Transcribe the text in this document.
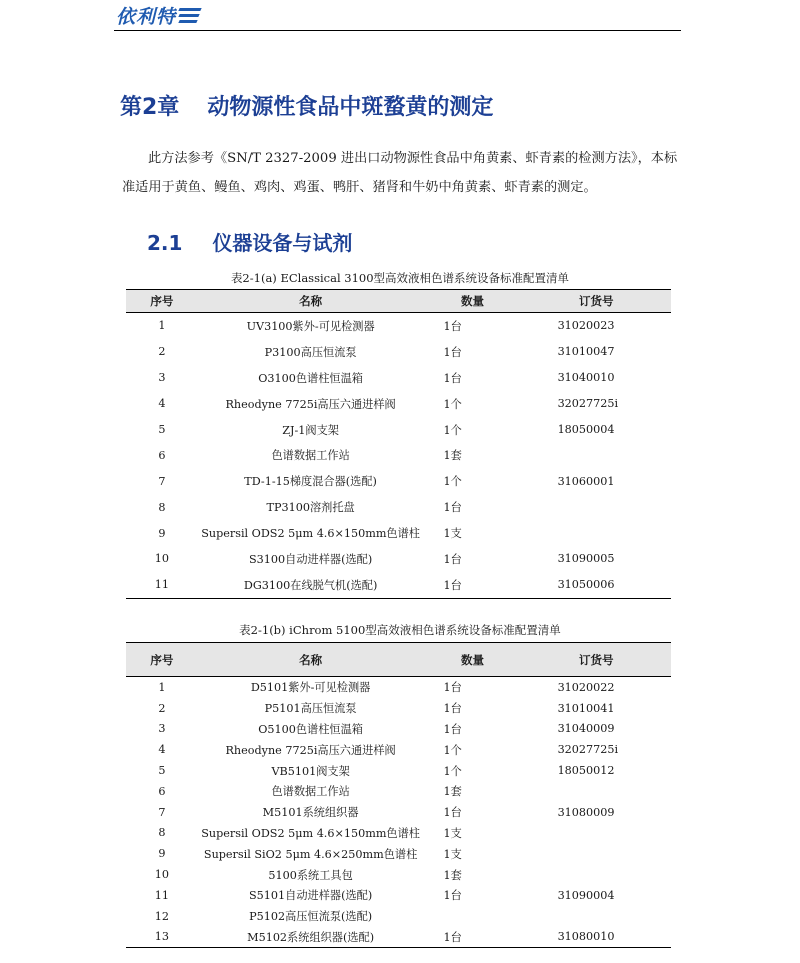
依利特
第2章 动物源性食品中斑蝥黄的测定
此方法参考《SN/T 2327-2009 进出口动物源性食品中角黄素、虾青素的检测方法》，本标准适用于黄鱼、鳗鱼、鸡肉、鸡蛋、鸭肝、猪肾和牛奶中角黄素、虾青素的测定。
2.1 仪器设备与试剂
表2-1(a) EClassical 3100型高效液相色谱系统设备标准配置清单
序号	名称	数量	订货号
1	UV3100紫外-可见检测器	1台	31020023
2	P3100高压恒流泵	1台	31010047
3	O3100色谱柱恒温箱	1台	31040010
4	Rheodyne 7725i高压六通进样阀	1个	32027725i
5	ZJ-1阀支架	1个	18050004
6	色谱数据工作站	1套	
7	TD-1-15梯度混合器(选配)	1个	31060001
8	TP3100溶剂托盘	1台	
9	Supersil ODS2 5μm 4.6×150mm色谱柱	1支	
10	S3100自动进样器(选配)	1台	31090005
11	DG3100在线脱气机(选配)	1台	31050006
表2-1(b) iChrom 5100型高效液相色谱系统设备标准配置清单
序号	名称	数量	订货号
1	D5101紫外-可见检测器	1台	31020022
2	P5101高压恒流泵	1台	31010041
3	O5100色谱柱恒温箱	1台	31040009
4	Rheodyne 7725i高压六通进样阀	1个	32027725i
5	VB5101阀支架	1个	18050012
6	色谱数据工作站	1套	
7	M5101系统组织器	1台	31080009
8	Supersil ODS2 5μm 4.6×150mm色谱柱	1支	
9	Supersil SiO2 5μm 4.6×250mm色谱柱	1支	
10	5100系统工具包	1套	
11	S5101自动进样器(选配)	1台	31090004
12	P5102高压恒流泵(选配)		
13	M5102系统组织器(选配)	1台	31080010
